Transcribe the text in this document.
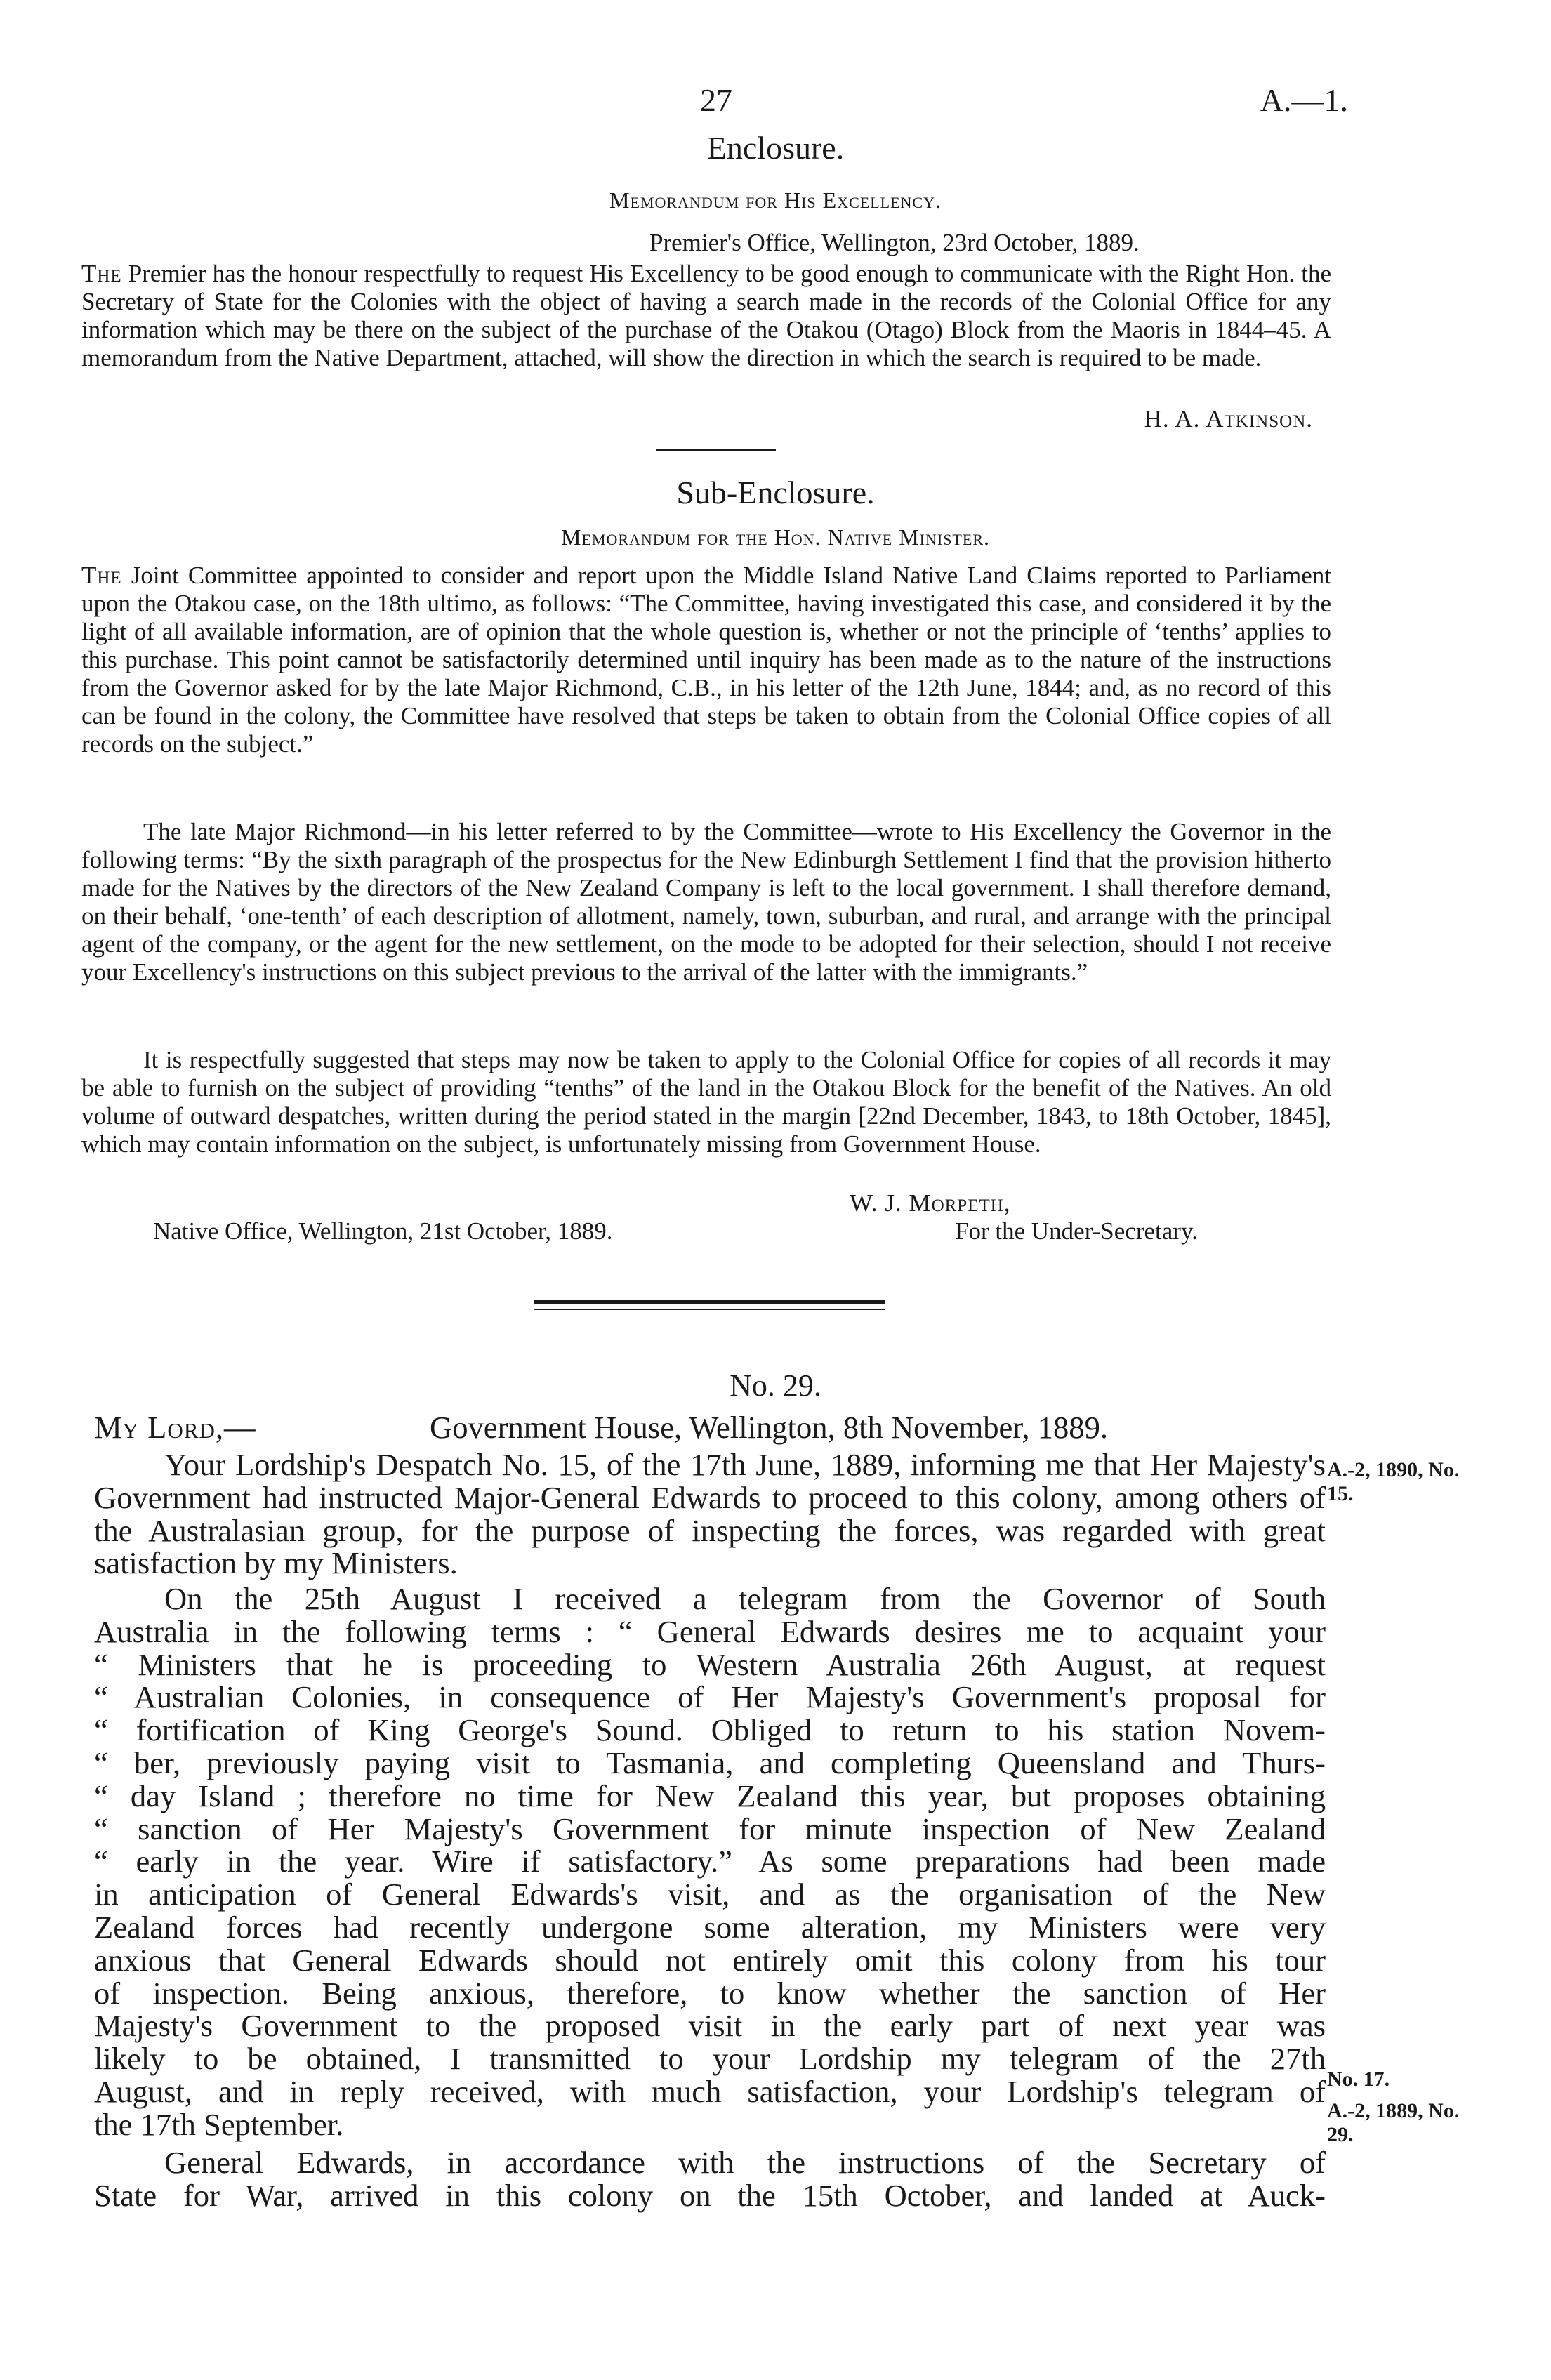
27	A.—1.
Enclosure.
Memorandum for His Excellency.
Premier's Office, Wellington, 23rd October, 1889.

The Premier has the honour respectfully to request His Excellency to be good enough to communicate with the Right Hon. the Secretary of State for the Colonies with the object of having a search made in the records of the Colonial Office for any information which may be there on the subject of the purchase of the Otakou (Otago) Block from the Maoris in 1844–45. A memorandum from the Native Department, attached, will show the direction in which the search is required to be made.

H. A. Atkinson.
Sub-Enclosure.
Memorandum for the Hon. Native Minister.

The Joint Committee appointed to consider and report upon the Middle Island Native Land Claims reported to Parliament upon the Otakou case, on the 18th ultimo, as follows: “The Committee, having investigated this case, and considered it by the light of all available information, are of opinion that the whole question is, whether or not the principle of ‘tenths’ applies to this purchase. This point cannot be satisfactorily determined until inquiry has been made as to the nature of the instructions from the Governor asked for by the late Major Richmond, C.B., in his letter of the 12th June, 1844; and, as no record of this can be found in the colony, the Committee have resolved that steps be taken to obtain from the Colonial Office copies of all records on the subject.”

The late Major Richmond—in his letter referred to by the Committee—wrote to His Excellency the Governor in the following terms: “By the sixth paragraph of the prospectus for the New Edinburgh Settlement I find that the provision hitherto made for the Natives by the directors of the New Zealand Company is left to the local government. I shall therefore demand, on their behalf, ‘one-tenth’ of each description of allotment, namely, town, suburban, and rural, and arrange with the principal agent of the company, or the agent for the new settlement, on the mode to be adopted for their selection, should I not receive your Excellency's instructions on this subject previous to the arrival of the latter with the immigrants.”

It is respectfully suggested that steps may now be taken to apply to the Colonial Office for copies of all records it may be able to furnish on the subject of providing “tenths” of the land in the Otakou Block for the benefit of the Natives. An old volume of outward despatches, written during the period stated in the margin [22nd December, 1843, to 18th October, 1845], which may contain information on the subject, is unfortunately missing from Government House.

W. J. Morpeth,
Native Office, Wellington, 21st October, 1889.	For the Under-Secretary.
No. 29.
My Lord,—	Government House, Wellington, 8th November, 1889.

Your Lordship's Despatch No. 15, of the 17th June, 1889, informing me that Her Majesty's Government had instructed Major-General Edwards to proceed to this colony, among others of the Australasian group, for the purpose of inspecting the forces, was regarded with great satisfaction by my Ministers.

On the 25th August I received a telegram from the Governor of South
Australia in the following terms : “ General Edwards desires me to acquaint your
“ Ministers that he is proceeding to Western Australia 26th August, at request
“ Australian Colonies, in consequence of Her Majesty's Government's proposal for
“ fortification of King George's Sound. Obliged to return to his station Novem-
“ ber, previously paying visit to Tasmania, and completing Queensland and Thurs-
“ day Island ; therefore no time for New Zealand this year, but proposes obtaining
“ sanction of Her Majesty's Government for minute inspection of New Zealand
“ early in the year. Wire if satisfactory.” As some preparations had been made
in anticipation of General Edwards's visit, and as the organisation of the New
Zealand forces had recently undergone some alteration, my Ministers were very
anxious that General Edwards should not entirely omit this colony from his tour
of inspection. Being anxious, therefore, to know whether the sanction of Her
Majesty's Government to the proposed visit in the early part of next year was
likely to be obtained, I transmitted to your Lordship my telegram of the 27th
August, and in reply received, with much satisfaction, your Lordship's telegram of
the 17th September.
General Edwards, in accordance with the instructions of the Secretary of
State for War, arrived in this colony on the 15th October, and landed at Auck-
A.-2, 1890, No. 15.
No. 17.
A.-2, 1889, No. 29.
